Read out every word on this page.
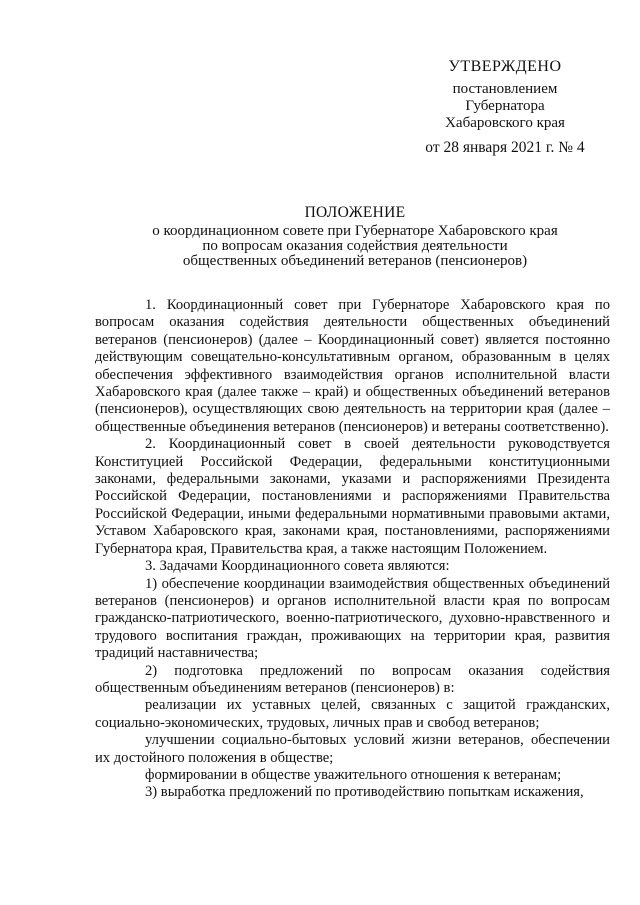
УТВЕРЖДЕНО
постановлением
Губернатора
Хабаровского края
от 28 января 2021 г. № 4
ПОЛОЖЕНИЕ
о координационном совете при Губернаторе Хабаровского края
по вопросам оказания содействия деятельности
общественных объединений ветеранов (пенсионеров)

1. Координационный совет при Губернаторе Хабаровского края по вопросам оказания содействия деятельности общественных объединений ветеранов (пенсионеров) (далее – Координационный совет) является постоянно действующим совещательно-консультативным органом, образованным в целях обеспечения эффективного взаимодействия органов исполнительной власти Хабаровского края (далее также – край) и общественных объединений ветеранов (пенсионеров), осуществляющих свою деятельность на территории края (далее – общественные объединения ветеранов (пенсионеров) и ветераны соответственно).

2. Координационный совет в своей деятельности руководствуется Конституцией Российской Федерации, федеральными конституционными законами, федеральными законами, указами и распоряжениями Президента Российской Федерации, постановлениями и распоряжениями Правительства Российской Федерации, иными федеральными нормативными правовыми актами, Уставом Хабаровского края, законами края, постановлениями, распоряжениями Губернатора края, Правительства края, а также настоящим Положением.

3. Задачами Координационного совета являются:

1) обеспечение координации взаимодействия общественных объединений ветеранов (пенсионеров) и органов исполнительной власти края по вопросам гражданско-патриотического, военно-патриотического, духовно-нравственного и трудового воспитания граждан, проживающих на территории края, развития традиций наставничества;

2) подготовка предложений по вопросам оказания содействия общественным объединениям ветеранов (пенсионеров) в:

реализации их уставных целей, связанных с защитой гражданских, социально-экономических, трудовых, личных прав и свобод ветеранов;

улучшении социально-бытовых условий жизни ветеранов, обеспечении их достойного положения в обществе;

формировании в обществе уважительного отношения к ветеранам;

3) выработка предложений по противодействию попыткам искажения,
